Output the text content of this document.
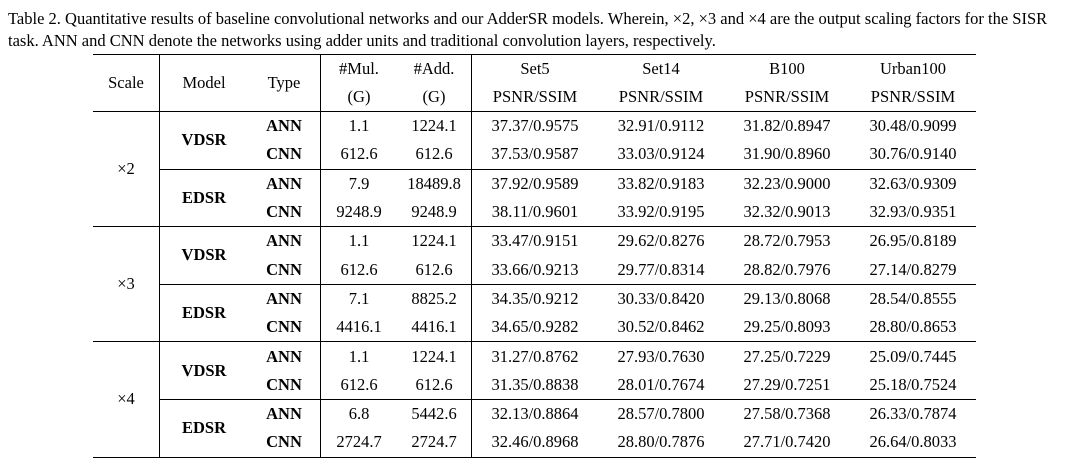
Table 2. Quantitative results of baseline convolutional networks and our AdderSR models. Wherein, ×2, ×3 and ×4 are the output scaling factors for the SISR task. ANN and CNN denote the networks using adder units and traditional convolution layers, respectively.
Scale	Model	Type	#Mul.	#Add.	Set5	Set14	B100	Urban100
			(G)	(G)	PSNR/SSIM	PSNR/SSIM	PSNR/SSIM	PSNR/SSIM
×2	VDSR	ANN	1.1	1224.1	37.37/0.9575	32.91/0.9112	31.82/0.8947	30.48/0.9099
		CNN	612.6	612.6	37.53/0.9587	33.03/0.9124	31.90/0.8960	30.76/0.9140
	EDSR	ANN	7.9	18489.8	37.92/0.9589	33.82/0.9183	32.23/0.9000	32.63/0.9309
		CNN	9248.9	9248.9	38.11/0.9601	33.92/0.9195	32.32/0.9013	32.93/0.9351
×3	VDSR	ANN	1.1	1224.1	33.47/0.9151	29.62/0.8276	28.72/0.7953	26.95/0.8189
		CNN	612.6	612.6	33.66/0.9213	29.77/0.8314	28.82/0.7976	27.14/0.8279
	EDSR	ANN	7.1	8825.2	34.35/0.9212	30.33/0.8420	29.13/0.8068	28.54/0.8555
		CNN	4416.1	4416.1	34.65/0.9282	30.52/0.8462	29.25/0.8093	28.80/0.8653
×4	VDSR	ANN	1.1	1224.1	31.27/0.8762	27.93/0.7630	27.25/0.7229	25.09/0.7445
		CNN	612.6	612.6	31.35/0.8838	28.01/0.7674	27.29/0.7251	25.18/0.7524
	EDSR	ANN	6.8	5442.6	32.13/0.8864	28.57/0.7800	27.58/0.7368	26.33/0.7874
		CNN	2724.7	2724.7	32.46/0.8968	28.80/0.7876	27.71/0.7420	26.64/0.8033
